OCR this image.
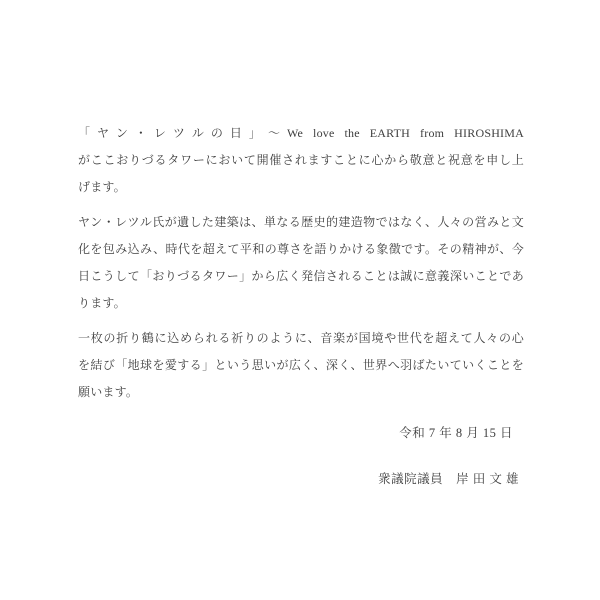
「ヤン・レツルの日」～We love the EARTH from HIROSHIMA
がここおりづるタワーにおいて開催されますことに心から敬意と祝意を申し上
げます。
ヤン・レツル氏が遺した建築は、単なる歴史的建造物ではなく、人々の営みと文
化を包み込み、時代を超えて平和の尊さを語りかける象徴です。その精神が、今
日こうして「おりづるタワー」から広く発信されることは誠に意義深いことであ
ります。
一枚の折り鶴に込められる祈りのように、音楽が国境や世代を超えて人々の心
を結び「地球を愛する」という思いが広く、深く、世界へ羽ばたいていくことを
願います。
令和 7 年 8 月 15 日
衆議院議員　岸 田 文 雄
